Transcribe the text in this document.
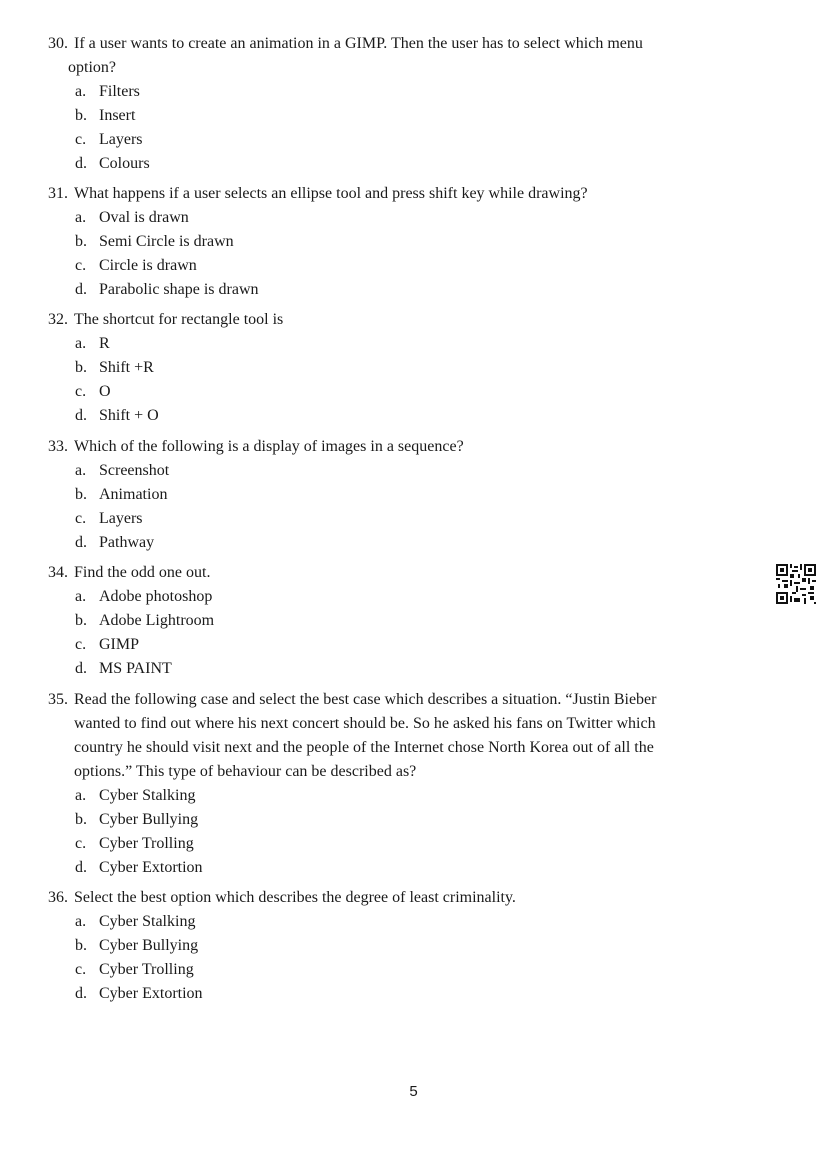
30. If a user wants to create an animation in a GIMP. Then the user has to select which menu

option?

a. Filters
b. Insert
c. Layers
d. Colours

31. What happens if a user selects an ellipse tool and press shift key while drawing?

a. Oval is drawn
b. Semi Circle is drawn
c. Circle is drawn
d. Parabolic shape is drawn

32. The shortcut for rectangle tool is

a. R
b. Shift +R
c. O
d. Shift + O

33. Which of the following is a display of images in a sequence?

a. Screenshot
b. Animation
c. Layers
d. Pathway

34. Find the odd one out.

a. Adobe photoshop
b. Adobe Lightroom
c. GIMP
d. MS PAINT

35. Read the following case and select the best case which describes a situation. “Justin Bieber

wanted to find out where his next concert should be. So he asked his fans on Twitter which

country he should visit next and the people of the Internet chose North Korea out of all the

options.” This type of behaviour can be described as?

a. Cyber Stalking
b. Cyber Bullying
c. Cyber Trolling
d. Cyber Extortion

36. Select the best option which describes the degree of least criminality.

a. Cyber Stalking
b. Cyber Bullying
c. Cyber Trolling
d. Cyber Extortion
5
